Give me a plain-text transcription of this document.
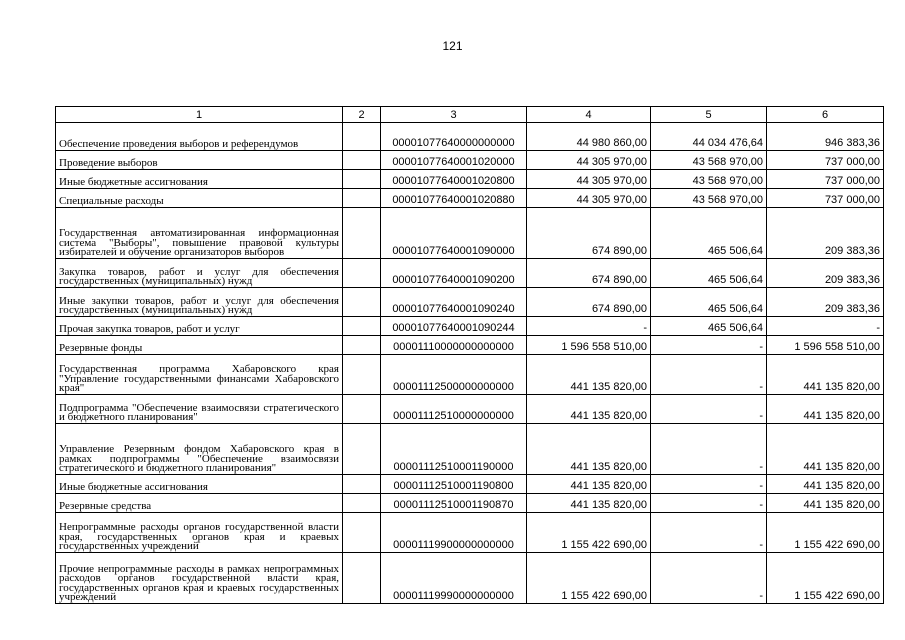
121
1	2	3	4	5	6
Обеспечение проведения выборов и референдумов		00001077640000000000	44 980 860,00	44 034 476,64	946 383,36
Проведение выборов		00001077640001020000	44 305 970,00	43 568 970,00	737 000,00
Иные бюджетные ассигнования		00001077640001020800	44 305 970,00	43 568 970,00	737 000,00
Специальные расходы		00001077640001020880	44 305 970,00	43 568 970,00	737 000,00
Государственная автоматизированная информационная система "Выборы", повышение правовой культуры избирателей и обучение организаторов выборов		00001077640001090000	674 890,00	465 506,64	209 383,36
Закупка товаров, работ и услуг для обеспечения государственных (муниципальных) нужд		00001077640001090200	674 890,00	465 506,64	209 383,36
Иные закупки товаров, работ и услуг для обеспечения государственных (муниципальных) нужд		00001077640001090240	674 890,00	465 506,64	209 383,36
Прочая закупка товаров, работ и услуг		00001077640001090244	-	465 506,64	-
Резервные фонды		00001110000000000000	1 596 558 510,00	-	1 596 558 510,00
Государственная программа Хабаровского края "Управление государственными финансами Хабаровского края"		00001112500000000000	441 135 820,00	-	441 135 820,00
Подпрограмма "Обеспечение взаимосвязи стратегического и бюджетного планирования"		00001112510000000000	441 135 820,00	-	441 135 820,00
Управление Резервным фондом Хабаровского края в рамках подпрограммы "Обеспечение взаимосвязи стратегического и бюджетного планирования"		00001112510001190000	441 135 820,00	-	441 135 820,00
Иные бюджетные ассигнования		00001112510001190800	441 135 820,00	-	441 135 820,00
Резервные средства		00001112510001190870	441 135 820,00	-	441 135 820,00
Непрограммные расходы органов государственной власти края, государственных органов края и краевых государственных учреждений		00001119900000000000	1 155 422 690,00	-	1 155 422 690,00
Прочие непрограммные расходы в рамках непрограммных расходов органов государственной власти края, государственных органов края и краевых государственных учреждений		00001119990000000000	1 155 422 690,00	-	1 155 422 690,00
